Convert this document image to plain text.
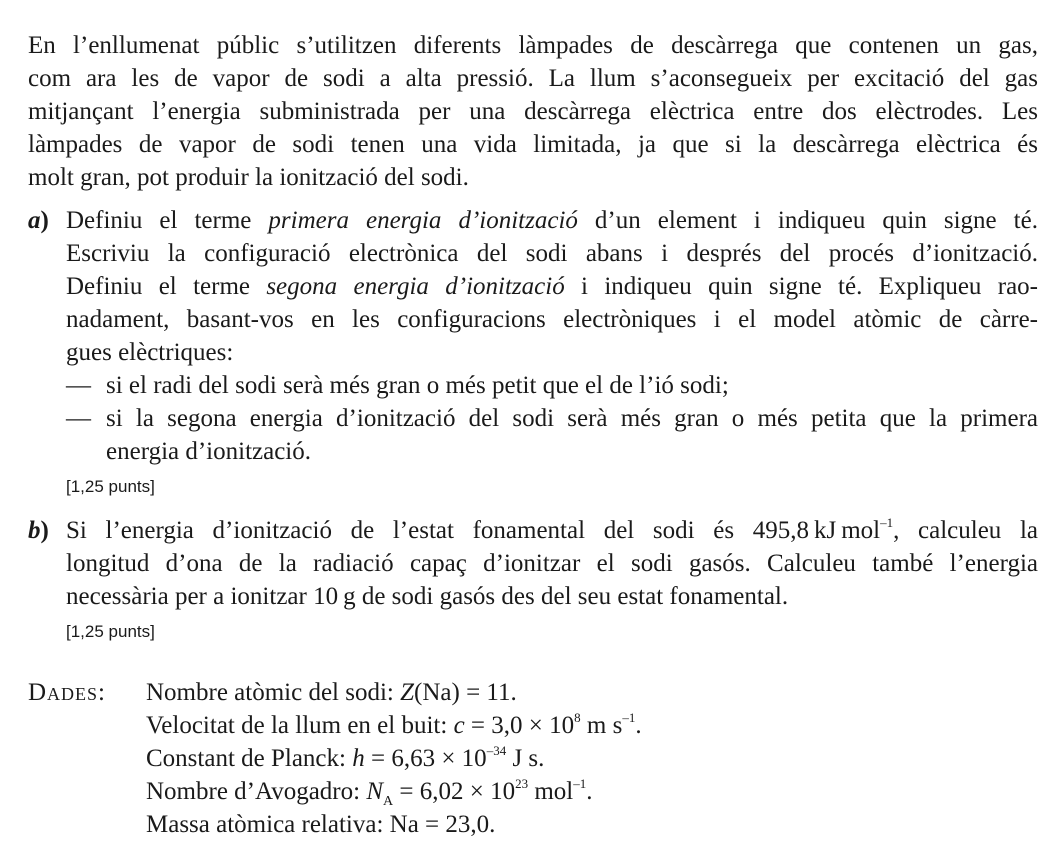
En l’enllumenat públic s’utilitzen diferents làmpades de descàrrega que contenen un gas,
com ara les de vapor de sodi a alta pressió. La llum s’aconsegueix per excitació del gas
mitjançant l’energia subministrada per una descàrrega elèctrica entre dos elèctrodes. Les
làmpades de vapor de sodi tenen una vida limitada, ja que si la descàrrega elèctrica és
molt gran, pot produir la ionització del sodi.
a) Definiu el terme primera energia d’ionització d’un element i indiqueu quin signe té.
Escriviu la configuració electrònica del sodi abans i després del procés d’ionització.
Definiu el terme segona energia d’ionització i indiqueu quin signe té. Expliqueu rao-
nadament, basant-vos en les configuracions electròniques i el model atòmic de càrre-
gues elèctriques:
— si el radi del sodi serà més gran o més petit que el de l’ió sodi;
— si la segona energia d’ionització del sodi serà més gran o més petita que la primera
energia d’ionització.
[1,25 punts]
b) Si l’energia d’ionització de l’estat fonamental del sodi és 495,8 kJ mol$^{-1}$, calculeu la
longitud d’ona de la radiació capaç d’ionitzar el sodi gasós. Calculeu també l’energia
necessària per a ionitzar 10 g de sodi gasós des del seu estat fonamental.
[1,25 punts]
Dades: Nombre atòmic del sodi: Z(Na) = 11.
Velocitat de la llum en el buit: $c = 3,0 \times 10^8$ m $s^{-1}$.
Constant de Planck: $h = 6,63 \times 10^{-34}$ J s.
Nombre d’Avogadro: $N_A = 6,02 \times 10^{23}$ mol$^{-1}$.
Massa atòmica relativa: Na = 23,0.
